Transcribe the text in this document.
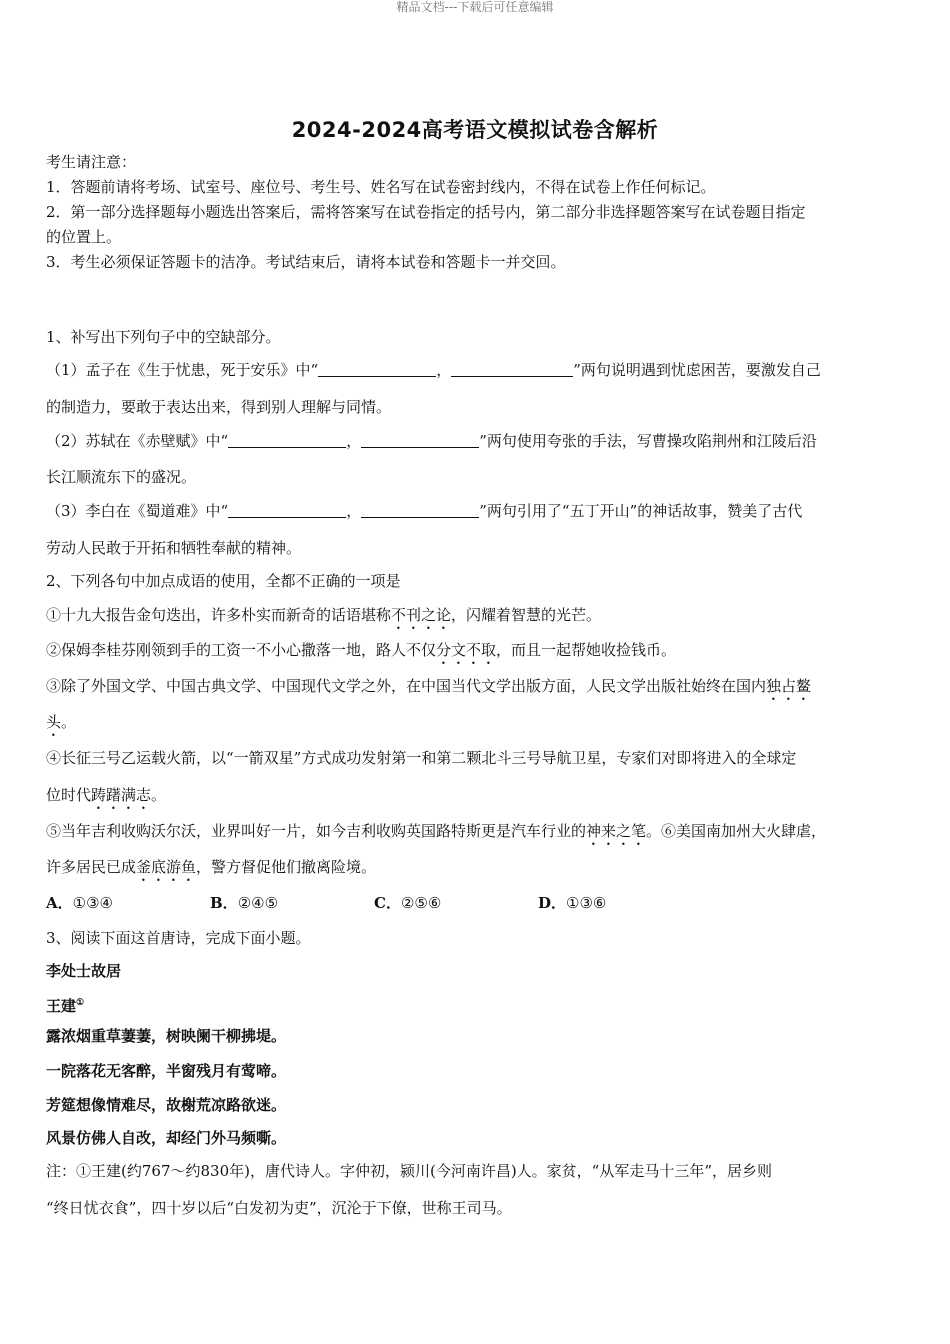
精品文档---下载后可任意编辑
2024-2024高考语文模拟试卷含解析
考生请注意：
1．答题前请将考场、试室号、座位号、考生号、姓名写在试卷密封线内，不得在试卷上作任何标记。
2．第一部分选择题每小题选出答案后，需将答案写在试卷指定的括号内，第二部分非选择题答案写在试卷题目指定
的位置上。
3．考生必须保证答题卡的洁净。考试结束后，请将本试卷和答题卡一并交回。
1、补写出下列句子中的空缺部分。
（1）孟子在《生于忧患，死于安乐》中“	，	”两句说明遇到忧虑困苦，要激发自己
的制造力，要敢于表达出来，得到别人理解与同情。
（2）苏轼在《赤壁赋》中“	，	”两句使用夸张的手法，写曹操攻陷荆州和江陵后沿
长江顺流东下的盛况。
（3）李白在《蜀道难》中“	，	”两句引用了“五丁开山”的神话故事，赞美了古代
劳动人民敢于开拓和牺牲奉献的精神。
2、下列各句中加点成语的使用，全都不正确的一项是
①十九大报告金句迭出，许多朴实而新奇的话语堪称不刊之论，闪耀着智慧的光芒。
②保姆李桂芬刚领到手的工资一不小心撒落一地，路人不仅分文不取，而且一起帮她收捡钱币。
③除了外国文学、中国古典文学、中国现代文学之外，在中国当代文学出版方面，人民文学出版社始终在国内独占鳌
头。
④长征三号乙运载火箭，以“一箭双星”方式成功发射第一和第二颗北斗三号导航卫星，专家们对即将进入的全球定
位时代踌躇满志。
⑤当年吉利收购沃尔沃，业界叫好一片，如今吉利收购英国路特斯更是汽车行业的神来之笔。⑥美国南加州大火肆虐，
许多居民已成釜底游鱼，警方督促他们撤离险境。
A．①③④	B．②④⑤	C．②⑤⑥	D．①③⑥
3、阅读下面这首唐诗，完成下面小题。
李处士故居
王建①
露浓烟重草萋萋，树映阑干柳拂堤。
一院落花无客醉，半窗残月有莺啼。
芳筵想像情难尽，故榭荒凉路欲迷。
风景仿佛人自改，却经门外马频嘶。
注：①王建(约767～约830年)，唐代诗人。字仲初，颍川(今河南许昌)人。家贫，“从军走马十三年”，居乡则
“终日忧衣食”，四十岁以后“白发初为吏”，沉沦于下僚，世称王司马。
